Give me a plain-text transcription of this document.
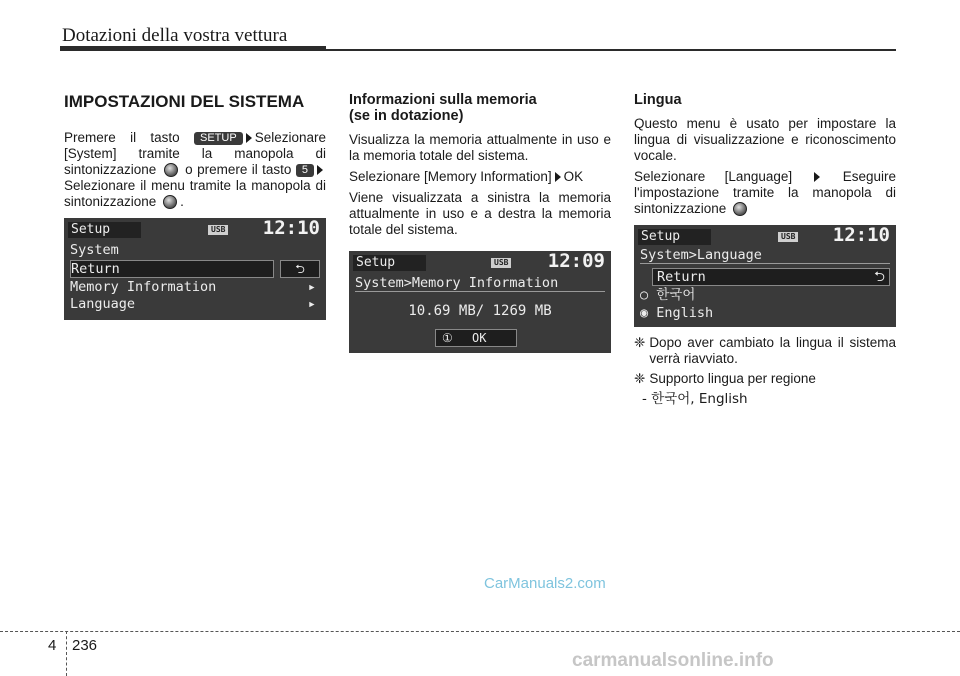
Dotazioni della vostra vettura
IMPOSTAZIONI DEL SISTEMA

Premere il tasto SETUP Selezionare [System] tramite la manopola di sintonizzazione o premere il tasto 5 Selezionare il menu tramite la manopola di sintonizzazione .

Setup	USB 12:10
System
Return	⮌
Memory Information	▸
Language	▸
Informazioni sulla memoria
(se in dotazione)

Visualizza la memoria attualmente in uso e la memoria totale del sistema.

Selezionare [Memory Information] OK

Viene visualizzata a sinistra la memoria attualmente in uso e a destra la memoria totale del sistema.

Setup	USB 12:09
System>Memory Information
10.69 MB/ 1269 MB
① OK
Lingua

Questo menu è usato per impostare la lingua di visualizzazione e riconoscimento vocale.

Selezionare [Language]	Eseguire l'impostazione tramite la manopola di sintonizzazione

Setup	USB 12:10
System>Language
Return	⮌
○ 한국어
◉ English
❈ Dopo aver cambiato la lingua il sistema verrà riavviato.
❈ Supporto lingua per regione
- 한국어, English
CarManuals2.com
4 236
carmanualsonline.info
